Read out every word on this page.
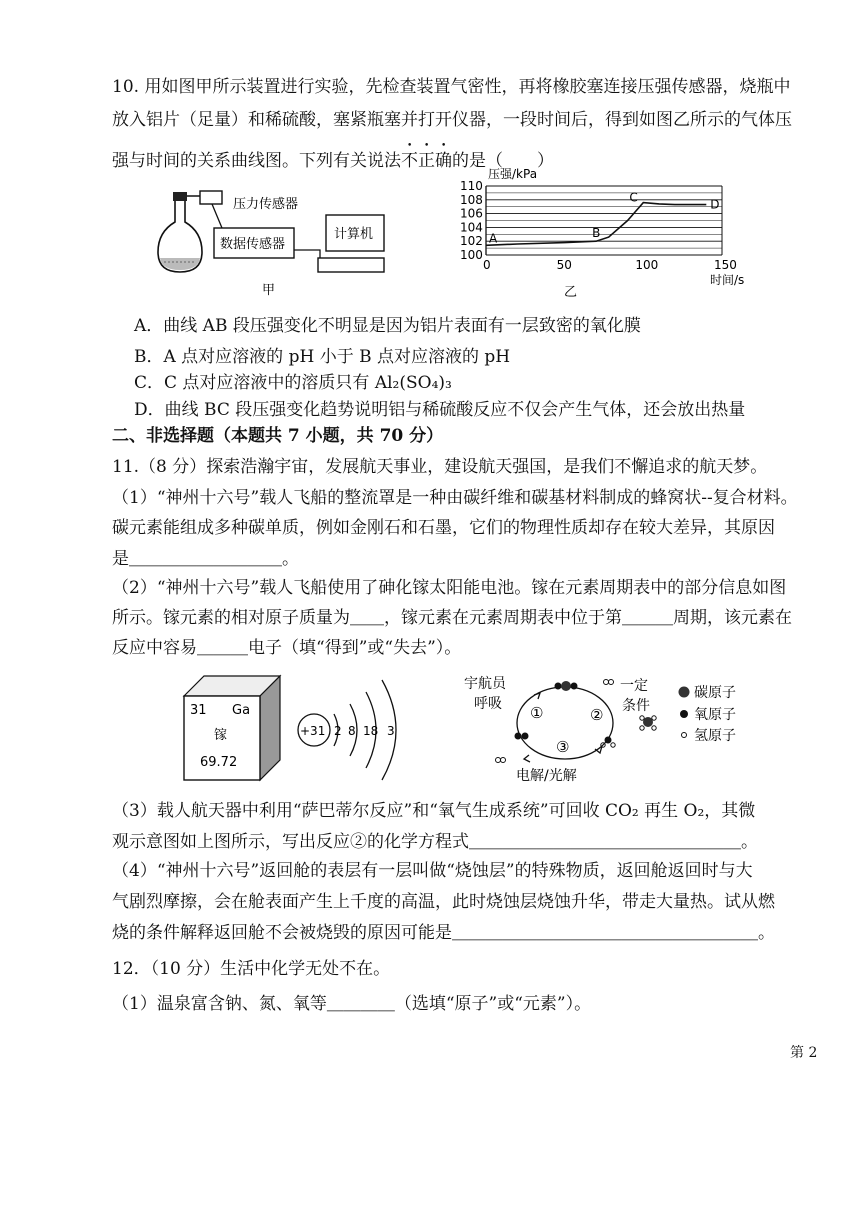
10. 用如图甲所示装置进行实验，先检查装置气密性，再将橡胶塞连接压强传感器，烧瓶中
放入铝片（足量）和稀硫酸，塞紧瓶塞并打开仪器，一段时间后，得到如图乙所示的气体压
强与时间的关系曲线图。下列有关说法不正确的是（　　）
压力传感器
数据传感器
计算机
甲
100
102
104
106
108
110
0	50	100	150
A	B
C
D
压强/kPa
时间/s
乙
A．曲线 AB 段压强变化不明显是因为铝片表面有一层致密的氧化膜
B．A 点对应溶液的 pH 小于 B 点对应溶液的 pH
C．C 点对应溶液中的溶质只有 Al₂(SO₄)₃
D．曲线 BC 段压强变化趋势说明铝与稀硫酸反应不仅会产生气体，还会放出热量
二、非选择题（本题共 7 小题，共 70 分）
11.（8 分）探索浩瀚宇宙，发展航天事业，建设航天强国，是我们不懈追求的航天梦。
（1）“神州十六号”载人飞船的整流罩是一种由碳纤维和碳基材料制成的蜂窝状--复合材料。
碳元素能组成多种碳单质，例如金刚石和石墨，它们的物理性质却存在较大差异，其原因
是＿＿＿＿＿＿＿＿＿。
（2）“神州十六号”载人飞船使用了砷化镓太阳能电池。镓在元素周期表中的部分信息如图
所示。镓元素的相对原子质量为＿＿，镓元素在元素周期表中位于第＿＿＿周期，该元素在
反应中容易＿＿＿电子（填“得到”或“失去”）。
31 Ga
镓
69.72
+31 2 8 18 3
宇航员
呼吸 ①	②
③
一定
条件
电解/光解
碳原子
氧原子
氢原子
（3）载人航天器中利用“萨巴蒂尔反应”和“氧气生成系统”可回收 CO₂ 再生 O₂，其微
观示意图如上图所示，写出反应②的化学方程式＿＿＿＿＿＿＿＿＿＿＿＿＿＿＿＿。
（4）“神州十六号”返回舱的表层有一层叫做“烧蚀层”的特殊物质，返回舱返回时与大
气剧烈摩擦，会在舱表面产生上千度的高温，此时烧蚀层烧蚀升华，带走大量热。试从燃
烧的条件解释返回舱不会被烧毁的原因可能是＿＿＿＿＿＿＿＿＿＿＿＿＿＿＿＿＿＿。
12．（10 分）生活中化学无处不在。
（1）温泉富含钠、氮、氧等＿＿＿＿（选填“原子”或“元素”）。
第 2
